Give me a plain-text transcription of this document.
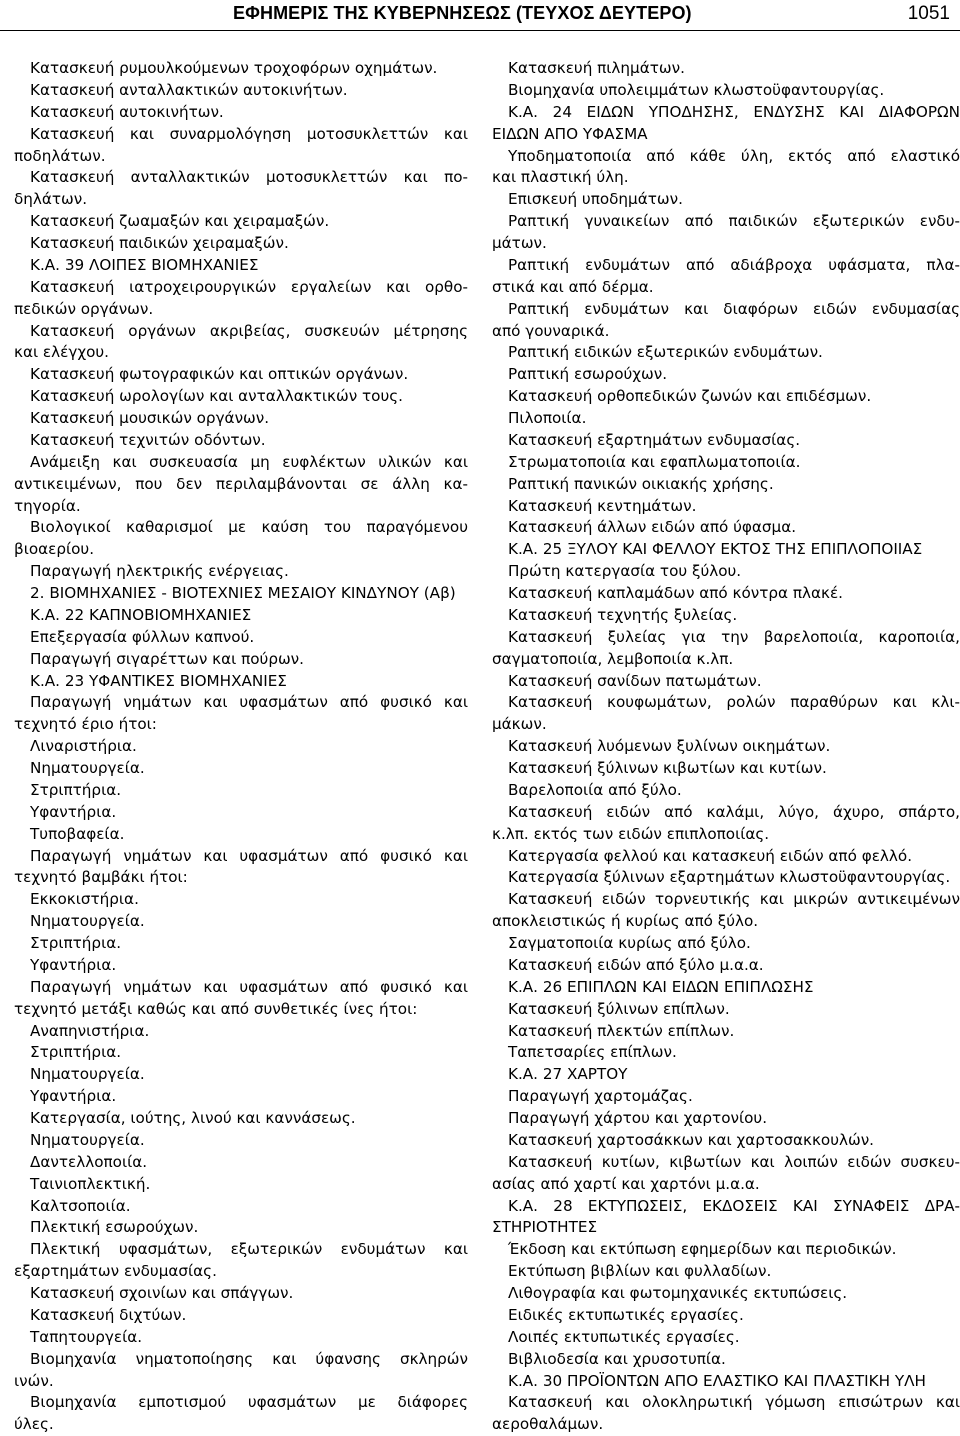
ΕΦΗΜΕΡΙΣ ΤΗΣ ΚΥΒΕΡΝΗΣΕΩΣ (ΤΕΥΧΟΣ ΔΕΥΤΕΡΟ)	1051
Κατασκευή ρυμουλκούμενων τροχοφόρων οχημάτων.
Κατασκευή ανταλλακτικών αυτοκινήτων.
Κατασκευή αυτοκινήτων.
Κατασκευή και συναρμολόγηση μοτοσυκλεττών και
ποδηλάτων.
Κατασκευή ανταλλακτικών μοτοσυκλεττών και πο-
δηλάτων.
Κατασκευή ζωαμαξών και χειραμαξών.
Κατασκευή παιδικών χειραμαξών.
Κ.Α. 39 ΛΟΙΠΕΣ ΒΙΟΜΗΧΑΝΙΕΣ
Κατασκευή ιατροχειρουργικών εργαλείων και ορθο-
πεδικών οργάνων.
Κατασκευή οργάνων ακριβείας, συσκευών μέτρησης
και ελέγχου.
Κατασκευή φωτογραφικών και οπτικών οργάνων.
Κατασκευή ωρολογίων και ανταλλακτικών τους.
Κατασκευή μουσικών οργάνων.
Κατασκευή τεχνιτών οδόντων.
Ανάμειξη και συσκευασία μη ευφλέκτων υλικών και
αντικειμένων, που δεν περιλαμβάνονται σε άλλη κα-
τηγορία.
Βιολογικοί καθαρισμοί με καύση του παραγόμενου
βιοαερίου.
Παραγωγή ηλεκτρικής ενέργειας.
2. ΒΙΟΜΗΧΑΝΙΕΣ - ΒΙΟΤΕΧΝΙΕΣ ΜΕΣΑΙΟΥ ΚΙΝΔΥΝΟΥ (Αβ)
Κ.Α. 22 ΚΑΠΝΟΒΙΟΜΗΧΑΝΙΕΣ
Επεξεργασία φύλλων καπνού.
Παραγωγή σιγαρέττων και πούρων.
Κ.Α. 23 ΥΦΑΝΤΙΚΕΣ ΒΙΟΜΗΧΑΝΙΕΣ
Παραγωγή νημάτων και υφασμάτων από φυσικό και
τεχνητό έριο ήτοι:
Λιναριστήρια.
Νηματουργεία.
Στριπτήρια.
Υφαντήρια.
Τυποβαφεία.
Παραγωγή νημάτων και υφασμάτων από φυσικό και
τεχνητό βαμβάκι ήτοι:
Εκκοκιστήρια.
Νηματουργεία.
Στριπτήρια.
Υφαντήρια.
Παραγωγή νημάτων και υφασμάτων από φυσικό και
τεχνητό μετάξι καθώς και από συνθετικές ίνες ήτοι:
Αναπηνιστήρια.
Στριπτήρια.
Νηματουργεία.
Υφαντήρια.
Κατεργασία, ιούτης, λινού και καννάσεως.
Νηματουργεία.
Δαντελλοποιία.
Ταινιοπλεκτική.
Καλτσοποιία.
Πλεκτική εσωρούχων.
Πλεκτική υφασμάτων, εξωτερικών ενδυμάτων και
εξαρτημάτων ενδυμασίας.
Κατασκευή σχοινίων και σπάγγων.
Κατασκευή διχτύων.
Ταπητουργεία.
Βιομηχανία νηματοποίησης και ύφανσης σκληρών
ινών.
Βιομηχανία εμποτισμού υφασμάτων με διάφορες
ύλες.
Κατασκευή πιλημάτων.
Βιομηχανία υπολειμμάτων κλωστοϋφαντουργίας.
Κ.Α. 24 ΕΙΔΩΝ ΥΠΟΔΗΣΗΣ, ΕΝΔΥΣΗΣ ΚΑΙ ΔΙΑΦΟΡΩΝ
ΕΙΔΩΝ ΑΠΟ ΥΦΑΣΜΑ
Υποδηματοποιία από κάθε ύλη, εκτός από ελαστικό
και πλαστική ύλη.
Επισκευή υποδημάτων.
Ραπτική γυναικείων από παιδικών εξωτερικών ενδυ-
μάτων.
Ραπτική ενδυμάτων από αδιάβροχα υφάσματα, πλα-
στικά και από δέρμα.
Ραπτική ενδυμάτων και διαφόρων ειδών ενδυμασίας
από γουναρικά.
Ραπτική ειδικών εξωτερικών ενδυμάτων.
Ραπτική εσωρούχων.
Κατασκευή ορθοπεδικών ζωνών και επιδέσμων.
Πιλοποιία.
Κατασκευή εξαρτημάτων ενδυμασίας.
Στρωματοποιία και εφαπλωματοποιία.
Ραπτική πανικών οικιακής χρήσης.
Κατασκευή κεντημάτων.
Κατασκευή άλλων ειδών από ύφασμα.
Κ.Α. 25 ΞΥΛΟΥ ΚΑΙ ΦΕΛΛΟΥ ΕΚΤΟΣ ΤΗΣ ΕΠΙΠΛΟΠΟΙΙΑΣ
Πρώτη κατεργασία του ξύλου.
Κατασκευή καπλαμάδων από κόντρα πλακέ.
Κατασκευή τεχνητής ξυλείας.
Κατασκευή ξυλείας για την βαρελοποιία, καροποιία,
σαγματοποιία, λεμβοποιία κ.λπ.
Κατασκευή σανίδων πατωμάτων.
Κατασκευή κουφωμάτων, ρολών παραθύρων και κλι-
μάκων.
Κατασκευή λυόμενων ξυλίνων οικημάτων.
Κατασκευή ξύλινων κιβωτίων και κυτίων.
Βαρελοποιία από ξύλο.
Κατασκευή ειδών από καλάμι, λύγο, άχυρο, σπάρτο,
κ.λπ. εκτός των ειδών επιπλοποιίας.
Κατεργασία φελλού και κατασκευή ειδών από φελλό.
Κατεργασία ξύλινων εξαρτημάτων κλωστοϋφαντουργίας.
Κατασκευή ειδών τορνευτικής και μικρών αντικειμένων
αποκλειστικώς ή κυρίως από ξύλο.
Σαγματοποιία κυρίως από ξύλο.
Κατασκευή ειδών από ξύλο μ.α.α.
Κ.Α. 26 ΕΠΙΠΛΩΝ ΚΑΙ ΕΙΔΩΝ ΕΠΙΠΛΩΣΗΣ
Κατασκευή ξύλινων επίπλων.
Κατασκευή πλεκτών επίπλων.
Ταπετσαρίες επίπλων.
Κ.Α. 27 ΧΑΡΤΟΥ
Παραγωγή χαρτομάζας.
Παραγωγή χάρτου και χαρτονίου.
Κατασκευή χαρτοσάκκων και χαρτοσακκουλών.
Κατασκευή κυτίων, κιβωτίων και λοιπών ειδών συσκευ-
ασίας από χαρτί και χαρτόνι μ.α.α.
Κ.Α. 28 ΕΚΤΥΠΩΣΕΙΣ, ΕΚΔΟΣΕΙΣ ΚΑΙ ΣΥΝΑΦΕΙΣ ΔΡΑ-
ΣΤΗΡΙΟΤΗΤΕΣ
Έκδοση και εκτύπωση εφημερίδων και περιοδικών.
Εκτύπωση βιβλίων και φυλλαδίων.
Λιθογραφία και φωτομηχανικές εκτυπώσεις.
Ειδικές εκτυπωτικές εργασίες.
Λοιπές εκτυπωτικές εργασίες.
Βιβλιοδεσία και χρυσοτυπία.
Κ.Α. 30 ΠΡΟΪΟΝΤΩΝ ΑΠΟ ΕΛΑΣΤΙΚΟ ΚΑΙ ΠΛΑΣΤΙΚΗ ΥΛΗ
Κατασκευή και ολοκληρωτική γόμωση επισώτρων και
αεροθαλάμων.
